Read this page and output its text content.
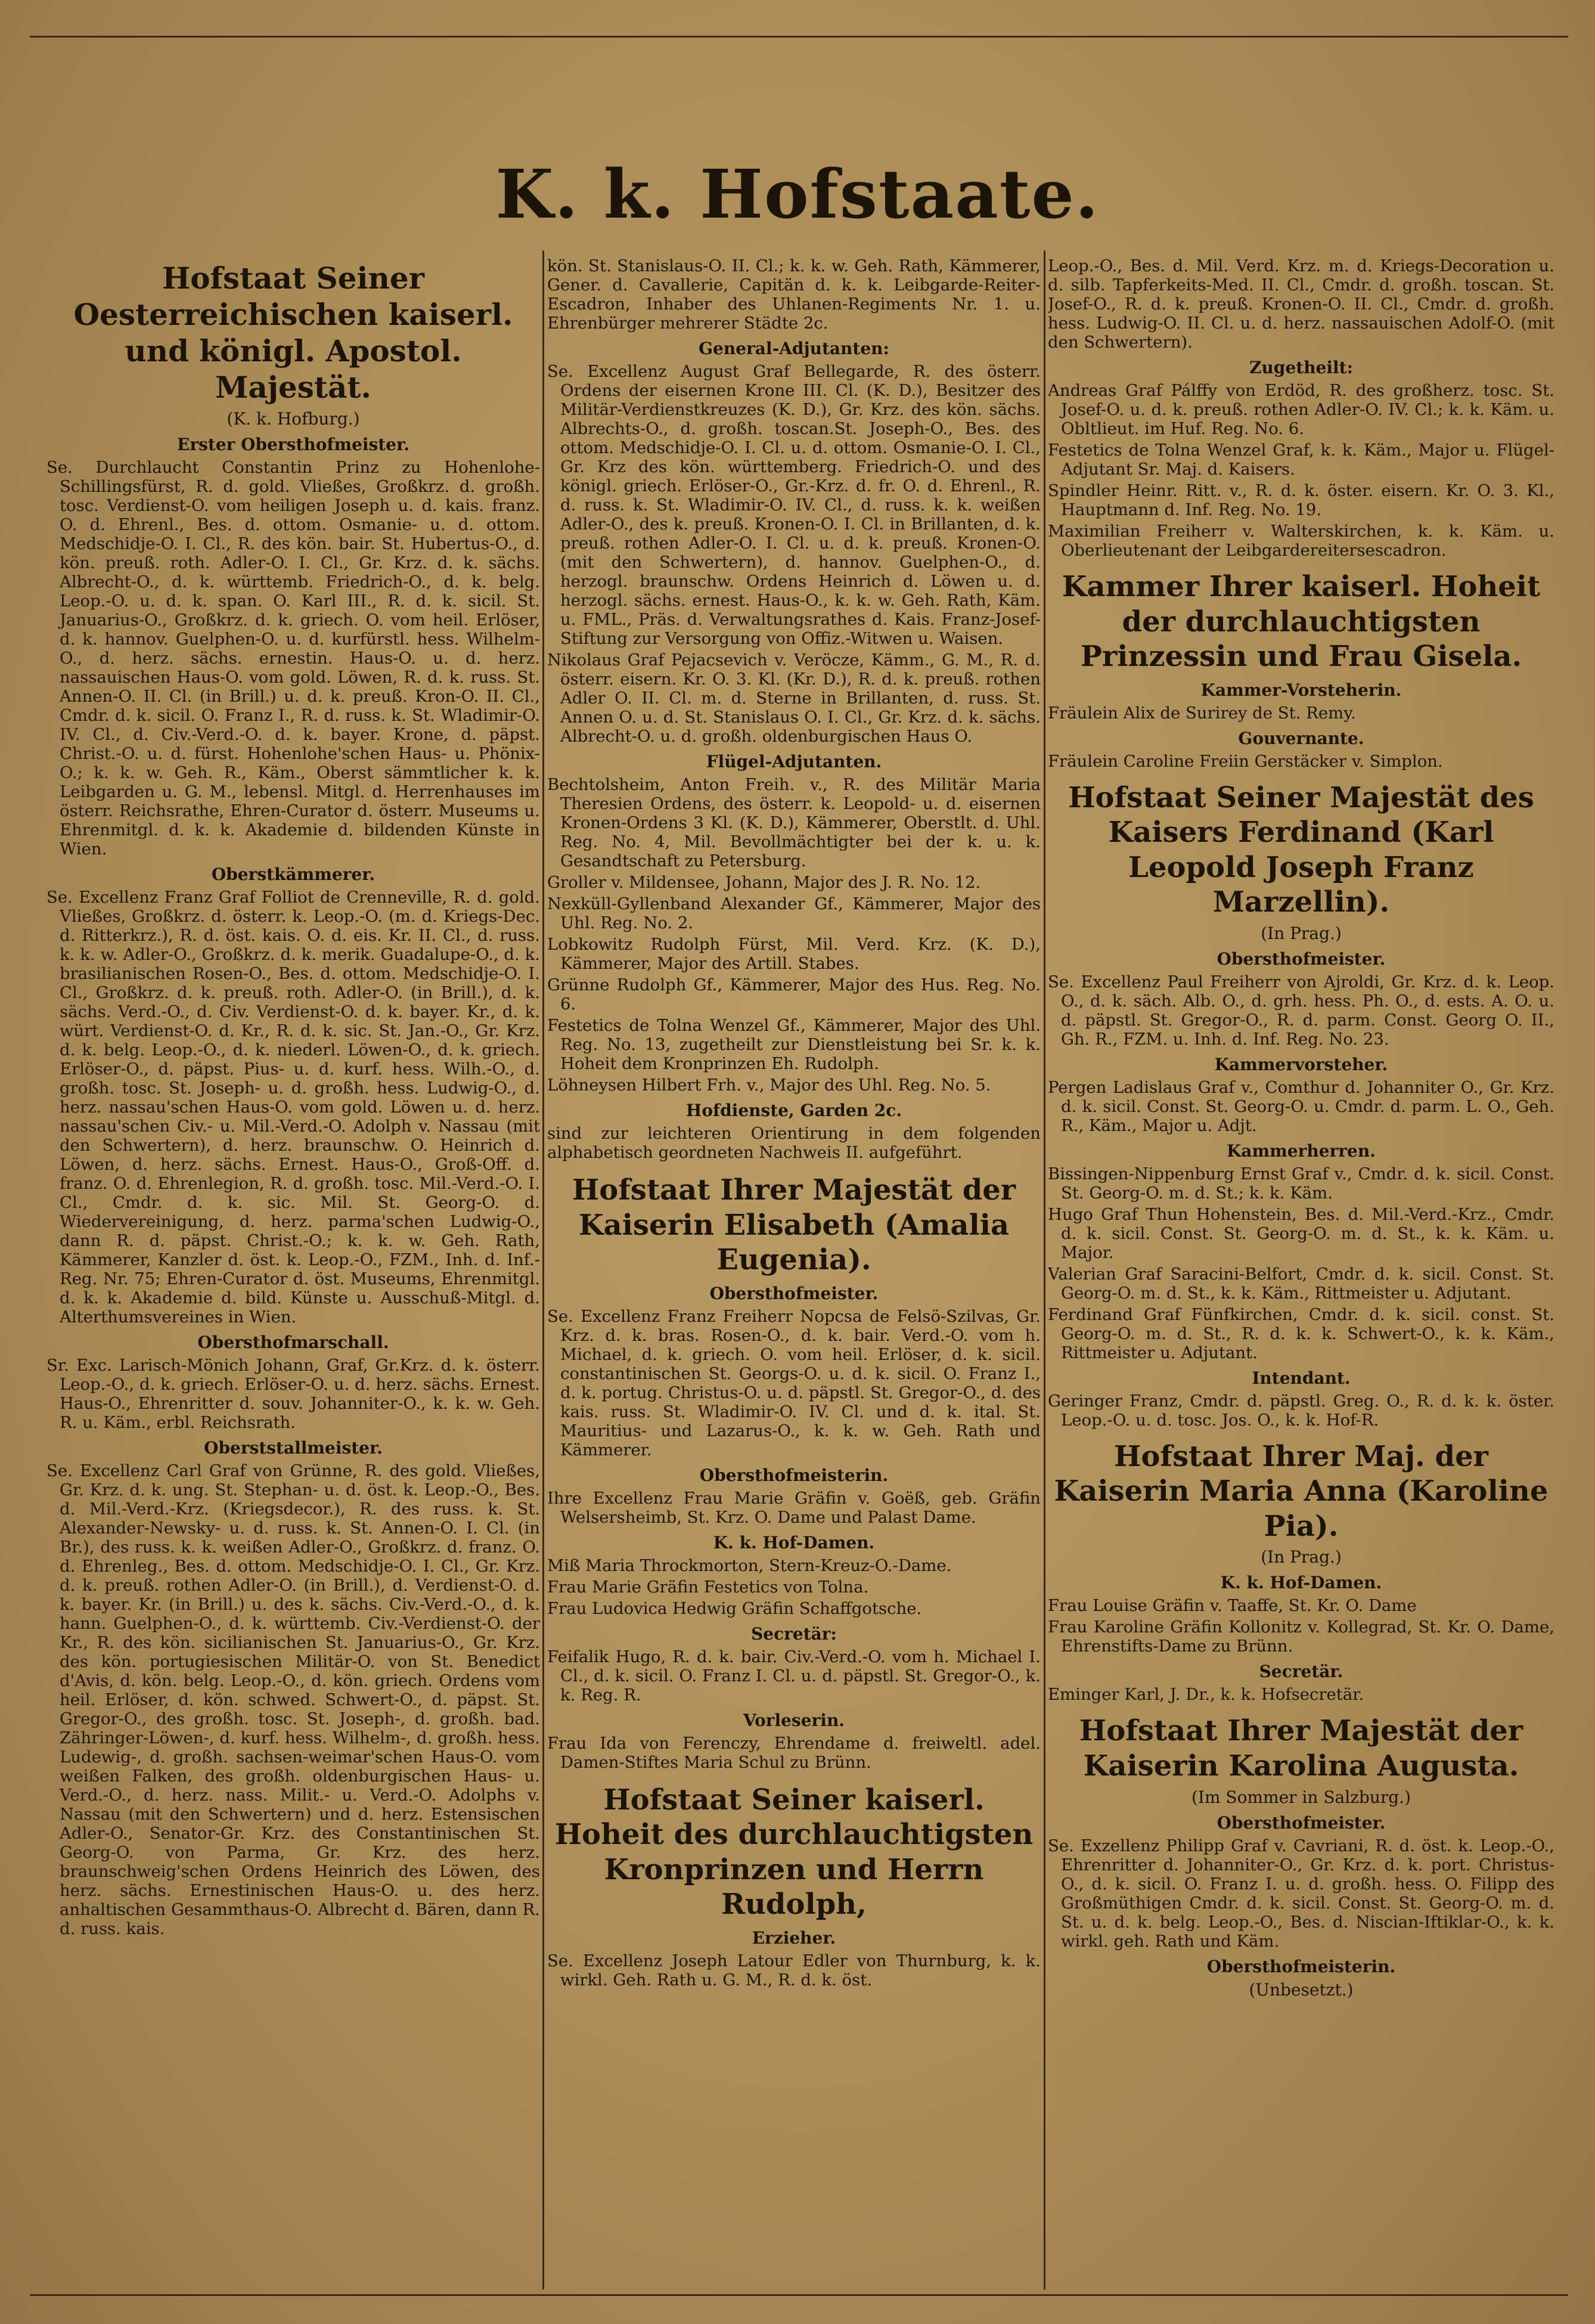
K. k. Hofstaate.
Hofstaat Seiner Oesterreichischen kaiserl. und königl. Apostol. Majestät.
(K. k. Hofburg.)
Erster Obersthofmeister.
Se. Durchlaucht Constantin Prinz zu Hohenlohe-Schillingsfürst, R. d. gold. Vließes, Großkrz. d. großh. tosc. Verdienst-O. vom heiligen Joseph u. d. kais. franz. O. d. Ehrenl., Bes. d. ottom. Osmanie- u. d. ottom. Medschidje-O. I. Cl., R. des kön. bair. St. Hubertus-O., d. kön. preuß. roth. Adler-O. I. Cl., Gr. Krz. d. k. sächs. Albrecht-O., d. k. württemb. Friedrich-O., d. k. belg. Leop.-O. u. d. k. span. O. Karl III., R. d. k. sicil. St. Januarius-O., Großkrz. d. k. griech. O. vom heil. Erlöser, d. k. hannov. Guelphen-O. u. d. kurfürstl. hess. Wilhelm-O., d. herz. sächs. ernestin. Haus-O. u. d. herz. nassauischen Haus-O. vom gold. Löwen, R. d. k. russ. St. Annen-O. II. Cl. (in Brill.) u. d. k. preuß. Kron-O. II. Cl., Cmdr. d. k. sicil. O. Franz I., R. d. russ. k. St. Wladimir-O. IV. Cl., d. Civ.-Verd.-O. d. k. bayer. Krone, d. päpst. Christ.-O. u. d. fürst. Hohenlohe'schen Haus- u. Phönix-O.; k. k. w. Geh. R., Käm., Oberst sämmtlicher k. k. Leibgarden u. G. M., lebensl. Mitgl. d. Herrenhauses im österr. Reichsrathe, Ehren-Curator d. österr. Museums u. Ehrenmitgl. d. k. k. Akademie d. bildenden Künste in Wien.
Oberstkämmerer.
Se. Excellenz Franz Graf Folliot de Crenneville, R. d. gold. Vließes, Großkrz. d. österr. k. Leop.-O. (m. d. Kriegs-Dec. d. Ritterkrz.), R. d. öst. kais. O. d. eis. Kr. II. Cl., d. russ. k. k. w. Adler-O., Großkrz. d. k. merik. Guadalupe-O., d. k. brasilianischen Rosen-O., Bes. d. ottom. Medschidje-O. I. Cl., Großkrz. d. k. preuß. roth. Adler-O. (in Brill.), d. k. sächs. Verd.-O., d. Civ. Verdienst-O. d. k. bayer. Kr., d. k. würt. Verdienst-O. d. Kr., R. d. k. sic. St. Jan.-O., Gr. Krz. d. k. belg. Leop.-O., d. k. niederl. Löwen-O., d. k. griech. Erlöser-O., d. päpst. Pius- u. d. kurf. hess. Wilh.-O., d. großh. tosc. St. Joseph- u. d. großh. hess. Ludwig-O., d. herz. nassau'schen Haus-O. vom gold. Löwen u. d. herz. nassau'schen Civ.- u. Mil.-Verd.-O. Adolph v. Nassau (mit den Schwertern), d. herz. braunschw. O. Heinrich d. Löwen, d. herz. sächs. Ernest. Haus-O., Groß-Off. d. franz. O. d. Ehrenlegion, R. d. großh. tosc. Mil.-Verd.-O. I. Cl., Cmdr. d. k. sic. Mil. St. Georg-O. d. Wiedervereinigung, d. herz. parma'schen Ludwig-O., dann R. d. päpst. Christ.-O.; k. k. w. Geh. Rath, Kämmerer, Kanzler d. öst. k. Leop.-O., FZM., Inh. d. Inf.-Reg. Nr. 75; Ehren-Curator d. öst. Museums, Ehrenmitgl. d. k. k. Akademie d. bild. Künste u. Ausschuß-Mitgl. d. Alterthumsvereines in Wien.
Obersthofmarschall.
Sr. Exc. Larisch-Mönich Johann, Graf, Gr.Krz. d. k. österr. Leop.-O., d. k. griech. Erlöser-O. u. d. herz. sächs. Ernest. Haus-O., Ehrenritter d. souv. Johanniter-O., k. k. w. Geh. R. u. Käm., erbl. Reichsrath.
Oberststallmeister.
Se. Excellenz Carl Graf von Grünne, R. des gold. Vließes, Gr. Krz. d. k. ung. St. Stephan- u. d. öst. k. Leop.-O., Bes. d. Mil.-Verd.-Krz. (Kriegsdecor.), R. des russ. k. St. Alexander-Newsky- u. d. russ. k. St. Annen-O. I. Cl. (in Br.), des russ. k. k. weißen Adler-O., Großkrz. d. franz. O. d. Ehrenleg., Bes. d. ottom. Medschidje-O. I. Cl., Gr. Krz. d. k. preuß. rothen Adler-O. (in Brill.), d. Verdienst-O. d. k. bayer. Kr. (in Brill.) u. des k. sächs. Civ.-Verd.-O., d. k. hann. Guelphen-O., d. k. württemb. Civ.-Verdienst-O. der Kr., R. des kön. sicilianischen St. Januarius-O., Gr. Krz. des kön. portugiesischen Militär-O. von St. Benedict d'Avis, d. kön. belg. Leop.-O., d. kön. griech. Ordens vom heil. Erlöser, d. kön. schwed. Schwert-O., d. päpst. St. Gregor-O., des großh. tosc. St. Joseph-, d. großh. bad. Zähringer-Löwen-, d. kurf. hess. Wilhelm-, d. großh. hess. Ludewig-, d. großh. sachsen-weimar'schen Haus-O. vom weißen Falken, des großh. oldenburgischen Haus- u. Verd.-O., d. herz. nass. Milit.- u. Verd.-O. Adolphs v. Nassau (mit den Schwertern) und d. herz. Estensischen Adler-O., Senator-Gr. Krz. des Constantinischen St. Georg-O. von Parma, Gr. Krz. des herz. braunschweig'schen Ordens Heinrich des Löwen, des herz. sächs. Ernestinischen Haus-O. u. des herz. anhaltischen Gesammthaus-O. Albrecht d. Bären, dann R. d. russ. kais.
kön. St. Stanislaus-O. II. Cl.; k. k. w. Geh. Rath, Kämmerer, Gener. d. Cavallerie, Capitän d. k. k. Leibgarde-Reiter-Escadron, Inhaber des Uhlanen-Regiments Nr. 1. u. Ehrenbürger mehrerer Städte 2c.
General-Adjutanten:
Se. Excellenz August Graf Bellegarde, R. des österr. Ordens der eisernen Krone III. Cl. (K. D.), Besitzer des Militär-Verdienstkreuzes (K. D.), Gr. Krz. des kön. sächs. Albrechts-O., d. großh. toscan.St. Joseph-O., Bes. des ottom. Medschidje-O. I. Cl. u. d. ottom. Osmanie-O. I. Cl., Gr. Krz des kön. württemberg. Friedrich-O. und des königl. griech. Erlöser-O., Gr.-Krz. d. fr. O. d. Ehrenl., R. d. russ. k. St. Wladimir-O. IV. Cl., d. russ. k. k. weißen Adler-O., des k. preuß. Kronen-O. I. Cl. in Brillanten, d. k. preuß. rothen Adler-O. I. Cl. u. d. k. preuß. Kronen-O. (mit den Schwertern), d. hannov. Guelphen-O., d. herzogl. braunschw. Ordens Heinrich d. Löwen u. d. herzogl. sächs. ernest. Haus-O., k. k. w. Geh. Rath, Käm. u. FML., Präs. d. Verwaltungsrathes d. Kais. Franz-Josef-Stiftung zur Versorgung von Offiz.-Witwen u. Waisen.
Nikolaus Graf Pejacsevich v. Veröcze, Kämm., G. M., R. d. österr. eisern. Kr. O. 3. Kl. (Kr. D.), R. d. k. preuß. rothen Adler O. II. Cl. m. d. Sterne in Brillanten, d. russ. St. Annen O. u. d. St. Stanislaus O. I. Cl., Gr. Krz. d. k. sächs. Albrecht-O. u. d. großh. oldenburgischen Haus O.
Flügel-Adjutanten.
Bechtolsheim, Anton Freih. v., R. des Militär Maria Theresien Ordens, des österr. k. Leopold- u. d. eisernen Kronen-Ordens 3 Kl. (K. D.), Kämmerer, Oberstlt. d. Uhl. Reg. No. 4, Mil. Bevollmächtigter bei der k. u. k. Gesandtschaft zu Petersburg.
Groller v. Mildensee, Johann, Major des J. R. No. 12.
Nexküll-Gyllenband Alexander Gf., Kämmerer, Major des Uhl. Reg. No. 2.
Lobkowitz Rudolph Fürst, Mil. Verd. Krz. (K. D.), Kämmerer, Major des Artill. Stabes.
Grünne Rudolph Gf., Kämmerer, Major des Hus. Reg. No. 6.
Festetics de Tolna Wenzel Gf., Kämmerer, Major des Uhl. Reg. No. 13, zugetheilt zur Dienstleistung bei Sr. k. k. Hoheit dem Kronprinzen Eh. Rudolph.
Löhneysen Hilbert Frh. v., Major des Uhl. Reg. No. 5.
Hofdienste, Garden 2c.
sind zur leichteren Orientirung in dem folgenden alphabetisch geordneten Nachweis II. aufgeführt.
Hofstaat Ihrer Majestät der Kaiserin Elisabeth (Amalia Eugenia).
Obersthofmeister.
Se. Excellenz Franz Freiherr Nopcsa de Felsö-Szilvas, Gr. Krz. d. k. bras. Rosen-O., d. k. bair. Verd.-O. vom h. Michael, d. k. griech. O. vom heil. Erlöser, d. k. sicil. constantinischen St. Georgs-O. u. d. k. sicil. O. Franz I., d. k. portug. Christus-O. u. d. päpstl. St. Gregor-O., d. des kais. russ. St. Wladimir-O. IV. Cl. und d. k. ital. St. Mauritius- und Lazarus-O., k. k. w. Geh. Rath und Kämmerer.
Obersthofmeisterin.
Ihre Excellenz Frau Marie Gräfin v. Goëß, geb. Gräfin Welsersheimb, St. Krz. O. Dame und Palast Dame.
K. k. Hof-Damen.
Miß Maria Throckmorton, Stern-Kreuz-O.-Dame.
Frau Marie Gräfin Festetics von Tolna.
Frau Ludovica Hedwig Gräfin Schaffgotsche.
Secretär:
Feifalik Hugo, R. d. k. bair. Civ.-Verd.-O. vom h. Michael I. Cl., d. k. sicil. O. Franz I. Cl. u. d. päpstl. St. Gregor-O., k. k. Reg. R.
Vorleserin.
Frau Ida von Ferenczy, Ehrendame d. freiweltl. adel. Damen-Stiftes Maria Schul zu Brünn.
Hofstaat Seiner kaiserl. Hoheit des durchlauchtigsten Kronprinzen und Herrn Rudolph,
Erzieher.
Se. Excellenz Joseph Latour Edler von Thurnburg, k. k. wirkl. Geh. Rath u. G. M., R. d. k. öst.
Leop.-O., Bes. d. Mil. Verd. Krz. m. d. Kriegs-Decoration u. d. silb. Tapferkeits-Med. II. Cl., Cmdr. d. großh. toscan. St. Josef-O., R. d. k. preuß. Kronen-O. II. Cl., Cmdr. d. großh. hess. Ludwig-O. II. Cl. u. d. herz. nassauischen Adolf-O. (mit den Schwertern).
Zugetheilt:
Andreas Graf Pálffy von Erdöd, R. des großherz. tosc. St. Josef-O. u. d. k. preuß. rothen Adler-O. IV. Cl.; k. k. Käm. u. Obltlieut. im Huf. Reg. No. 6.
Festetics de Tolna Wenzel Graf, k. k. Käm., Major u. Flügel-Adjutant Sr. Maj. d. Kaisers.
Spindler Heinr. Ritt. v., R. d. k. öster. eisern. Kr. O. 3. Kl., Hauptmann d. Inf. Reg. No. 19.
Maximilian Freiherr v. Walterskirchen, k. k. Käm. u. Oberlieutenant der Leibgardereitersescadron.
Kammer Ihrer kaiserl. Hoheit der durchlauchtigsten Prinzessin und Frau Gisela.
Kammer-Vorsteherin.
Fräulein Alix de Surirey de St. Remy.
Gouvernante.
Fräulein Caroline Freiin Gerstäcker v. Simplon.
Hofstaat Seiner Majestät des Kaisers Ferdinand (Karl Leopold Joseph Franz Marzellin).
(In Prag.)
Obersthofmeister.
Se. Excellenz Paul Freiherr von Ajroldi, Gr. Krz. d. k. Leop. O., d. k. säch. Alb. O., d. grh. hess. Ph. O., d. ests. A. O. u. d. päpstl. St. Gregor-O., R. d. parm. Const. Georg O. II., Gh. R., FZM. u. Inh. d. Inf. Reg. No. 23.
Kammervorsteher.
Pergen Ladislaus Graf v., Comthur d. Johanniter O., Gr. Krz. d. k. sicil. Const. St. Georg-O. u. Cmdr. d. parm. L. O., Geh. R., Käm., Major u. Adjt.
Kammerherren.
Bissingen-Nippenburg Ernst Graf v., Cmdr. d. k. sicil. Const. St. Georg-O. m. d. St.; k. k. Käm.
Hugo Graf Thun Hohenstein, Bes. d. Mil.-Verd.-Krz., Cmdr. d. k. sicil. Const. St. Georg-O. m. d. St., k. k. Käm. u. Major.
Valerian Graf Saracini-Belfort, Cmdr. d. k. sicil. Const. St. Georg-O. m. d. St., k. k. Käm., Rittmeister u. Adjutant.
Ferdinand Graf Fünfkirchen, Cmdr. d. k. sicil. const. St. Georg-O. m. d. St., R. d. k. k. Schwert-O., k. k. Käm., Rittmeister u. Adjutant.
Intendant.
Geringer Franz, Cmdr. d. päpstl. Greg. O., R. d. k. k. öster. Leop.-O. u. d. tosc. Jos. O., k. k. Hof-R.
Hofstaat Ihrer Maj. der Kaiserin Maria Anna (Karoline Pia).
(In Prag.)
K. k. Hof-Damen.
Frau Louise Gräfin v. Taaffe, St. Kr. O. Dame
Frau Karoline Gräfin Kollonitz v. Kollegrad, St. Kr. O. Dame, Ehrenstifts-Dame zu Brünn.
Secretär.
Eminger Karl, J. Dr., k. k. Hofsecretär.
Hofstaat Ihrer Majestät der Kaiserin Karolina Augusta.
(Im Sommer in Salzburg.)
Obersthofmeister.
Se. Exzellenz Philipp Graf v. Cavriani, R. d. öst. k. Leop.-O., Ehrenritter d. Johanniter-O., Gr. Krz. d. k. port. Christus-O., d. k. sicil. O. Franz I. u. d. großh. hess. O. Filipp des Großmüthigen Cmdr. d. k. sicil. Const. St. Georg-O. m. d. St. u. d. k. belg. Leop.-O., Bes. d. Niscian-Iftiklar-O., k. k. wirkl. geh. Rath und Käm.
Obersthofmeisterin.
(Unbesetzt.)
